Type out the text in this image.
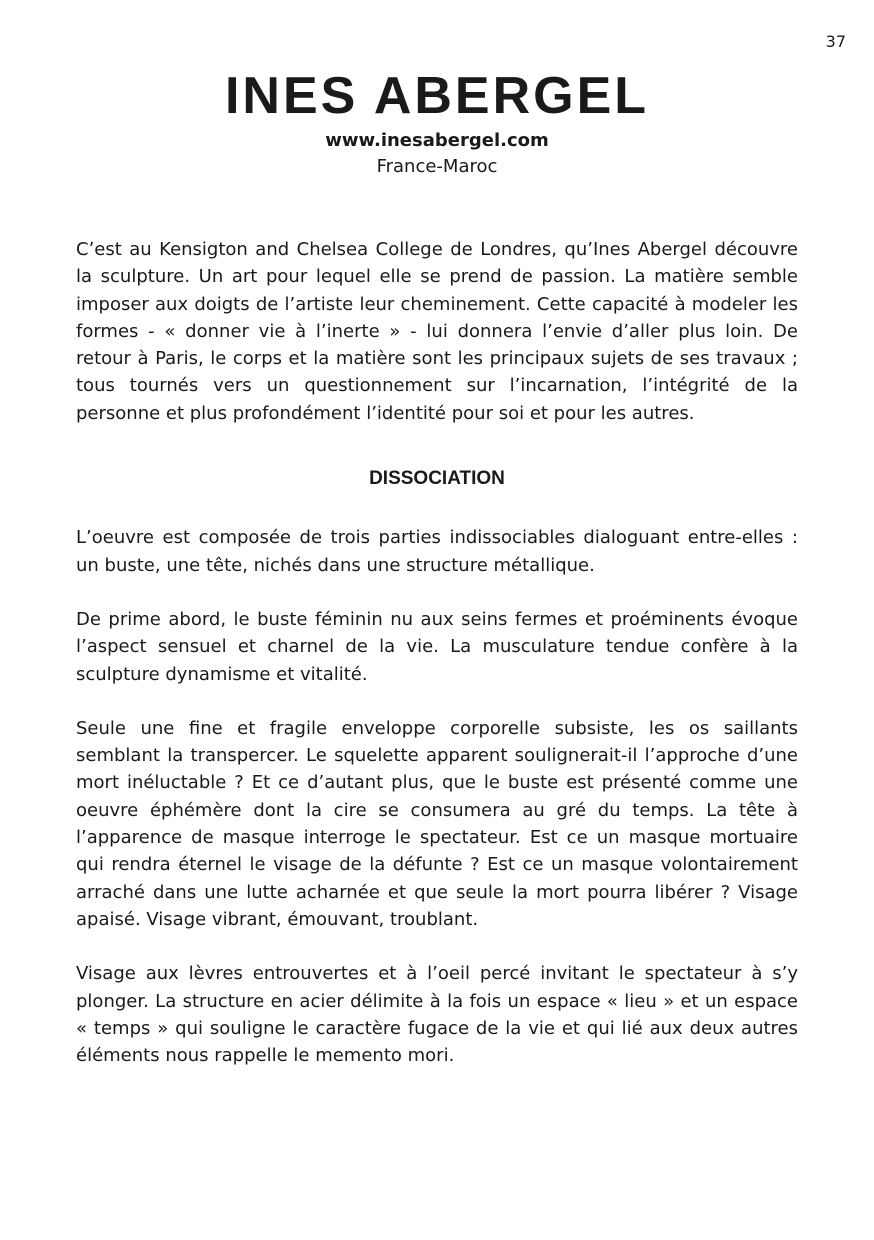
37
INES ABERGEL
www.inesabergel.com
France-Maroc

C’est au Kensigton and Chelsea College de Londres, qu’Ines Abergel découvre la sculpture. Un art pour lequel elle se prend de passion. La matière semble imposer aux doigts de l’artiste leur cheminement. Cette capacité à modeler les formes - « donner vie à l’inerte » - lui donnera l’envie d’aller plus loin. De retour à Paris, le corps et la matière sont les principaux sujets de ses travaux ; tous tournés vers un questionnement sur l’incarnation, l’intégrité de la personne et plus profondément l’identité pour soi et pour les autres.

DISSOCIATION

L’oeuvre est composée de trois parties indissociables dialoguant entre-elles : un buste, une tête, nichés dans une structure métallique.

De prime abord, le buste féminin nu aux seins fermes et proéminents évoque l’aspect sensuel et charnel de la vie. La musculature tendue confère à la sculpture dynamisme et vitalité.

Seule une fine et fragile enveloppe corporelle subsiste, les os saillants semblant la transpercer. Le squelette apparent soulignerait-il l’approche d’une mort inéluctable ? Et ce d’autant plus, que le buste est présenté comme une oeuvre éphémère dont la cire se consumera au gré du temps. La tête à l’apparence de masque interroge le spectateur. Est ce un masque mortuaire qui rendra éternel le visage de la défunte ? Est ce un masque volontairement arraché dans une lutte acharnée et que seule la mort pourra libérer ? Visage apaisé. Visage vibrant, émouvant, troublant.

Visage aux lèvres entrouvertes et à l’oeil percé invitant le spectateur à s’y plonger. La structure en acier délimite à la fois un espace « lieu » et un espace « temps » qui souligne le caractère fugace de la vie et qui lié aux deux autres éléments nous rappelle le memento mori.
